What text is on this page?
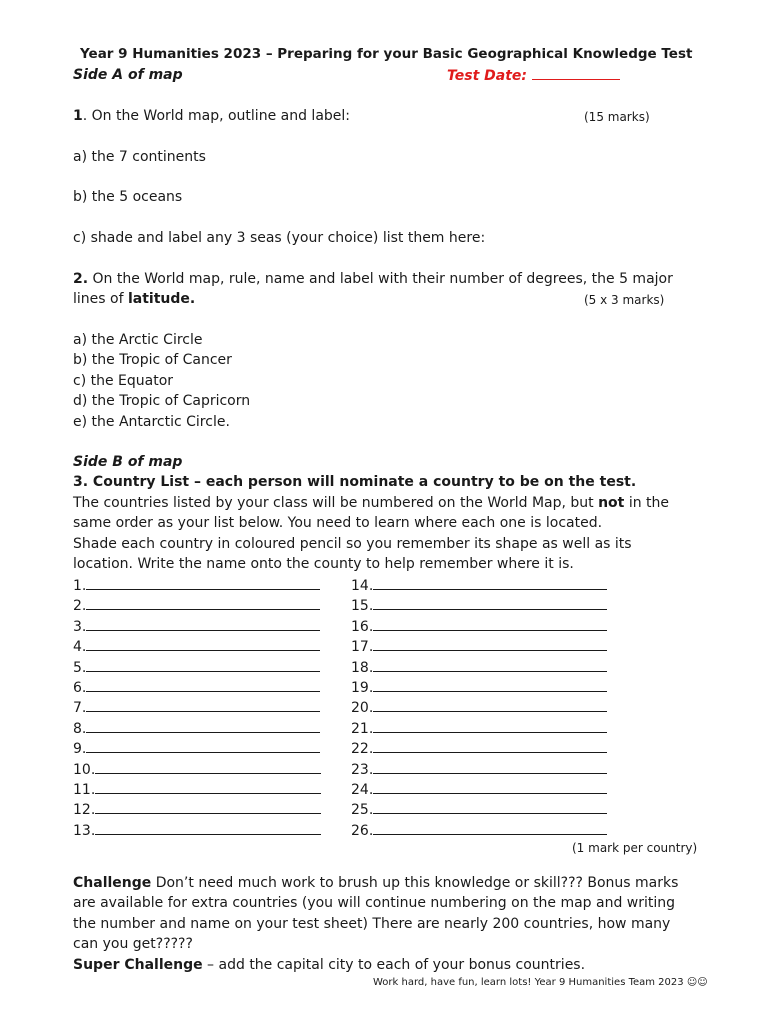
Year 9 Humanities 2023 – Preparing for your Basic Geographical Knowledge Test
Side A of map	Test Date:
1. On the World map, outline and label:	(15 marks)
a) the 7 continents
b) the 5 oceans
c) shade and label any 3 seas (your choice) list them here:
2. On the World map, rule, name and label with their number of degrees, the 5 major
lines of latitude.	(5 x 3 marks)
a) the Arctic Circle
b) the Tropic of Cancer
c) the Equator
d) the Tropic of Capricorn
e) the Antarctic Circle.
Side B of map
3. Country List – each person will nominate a country to be on the test.
The countries listed by your class will be numbered on the World Map, but not in the
same order as your list below. You need to learn where each one is located.
Shade each country in coloured pencil so you remember its shape as well as its
location. Write the name onto the county to help remember where it is.
1.
2.
3.
4.
5.
6.
7.
8.
9.
10.
11.
12.
13.
14.
15.
16.
17.
18.
19.
20.
21.
22.
23.
24.
25.
26.
(1 mark per country)
Challenge Don’t need much work to brush up this knowledge or skill??? Bonus marks
are available for extra countries (you will continue numbering on the map and writing
the number and name on your test sheet) There are nearly 200 countries, how many
can you get?????
Super Challenge – add the capital city to each of your bonus countries.
Work hard, have fun, learn lots! Year 9 Humanities Team 2023 ☺☺
